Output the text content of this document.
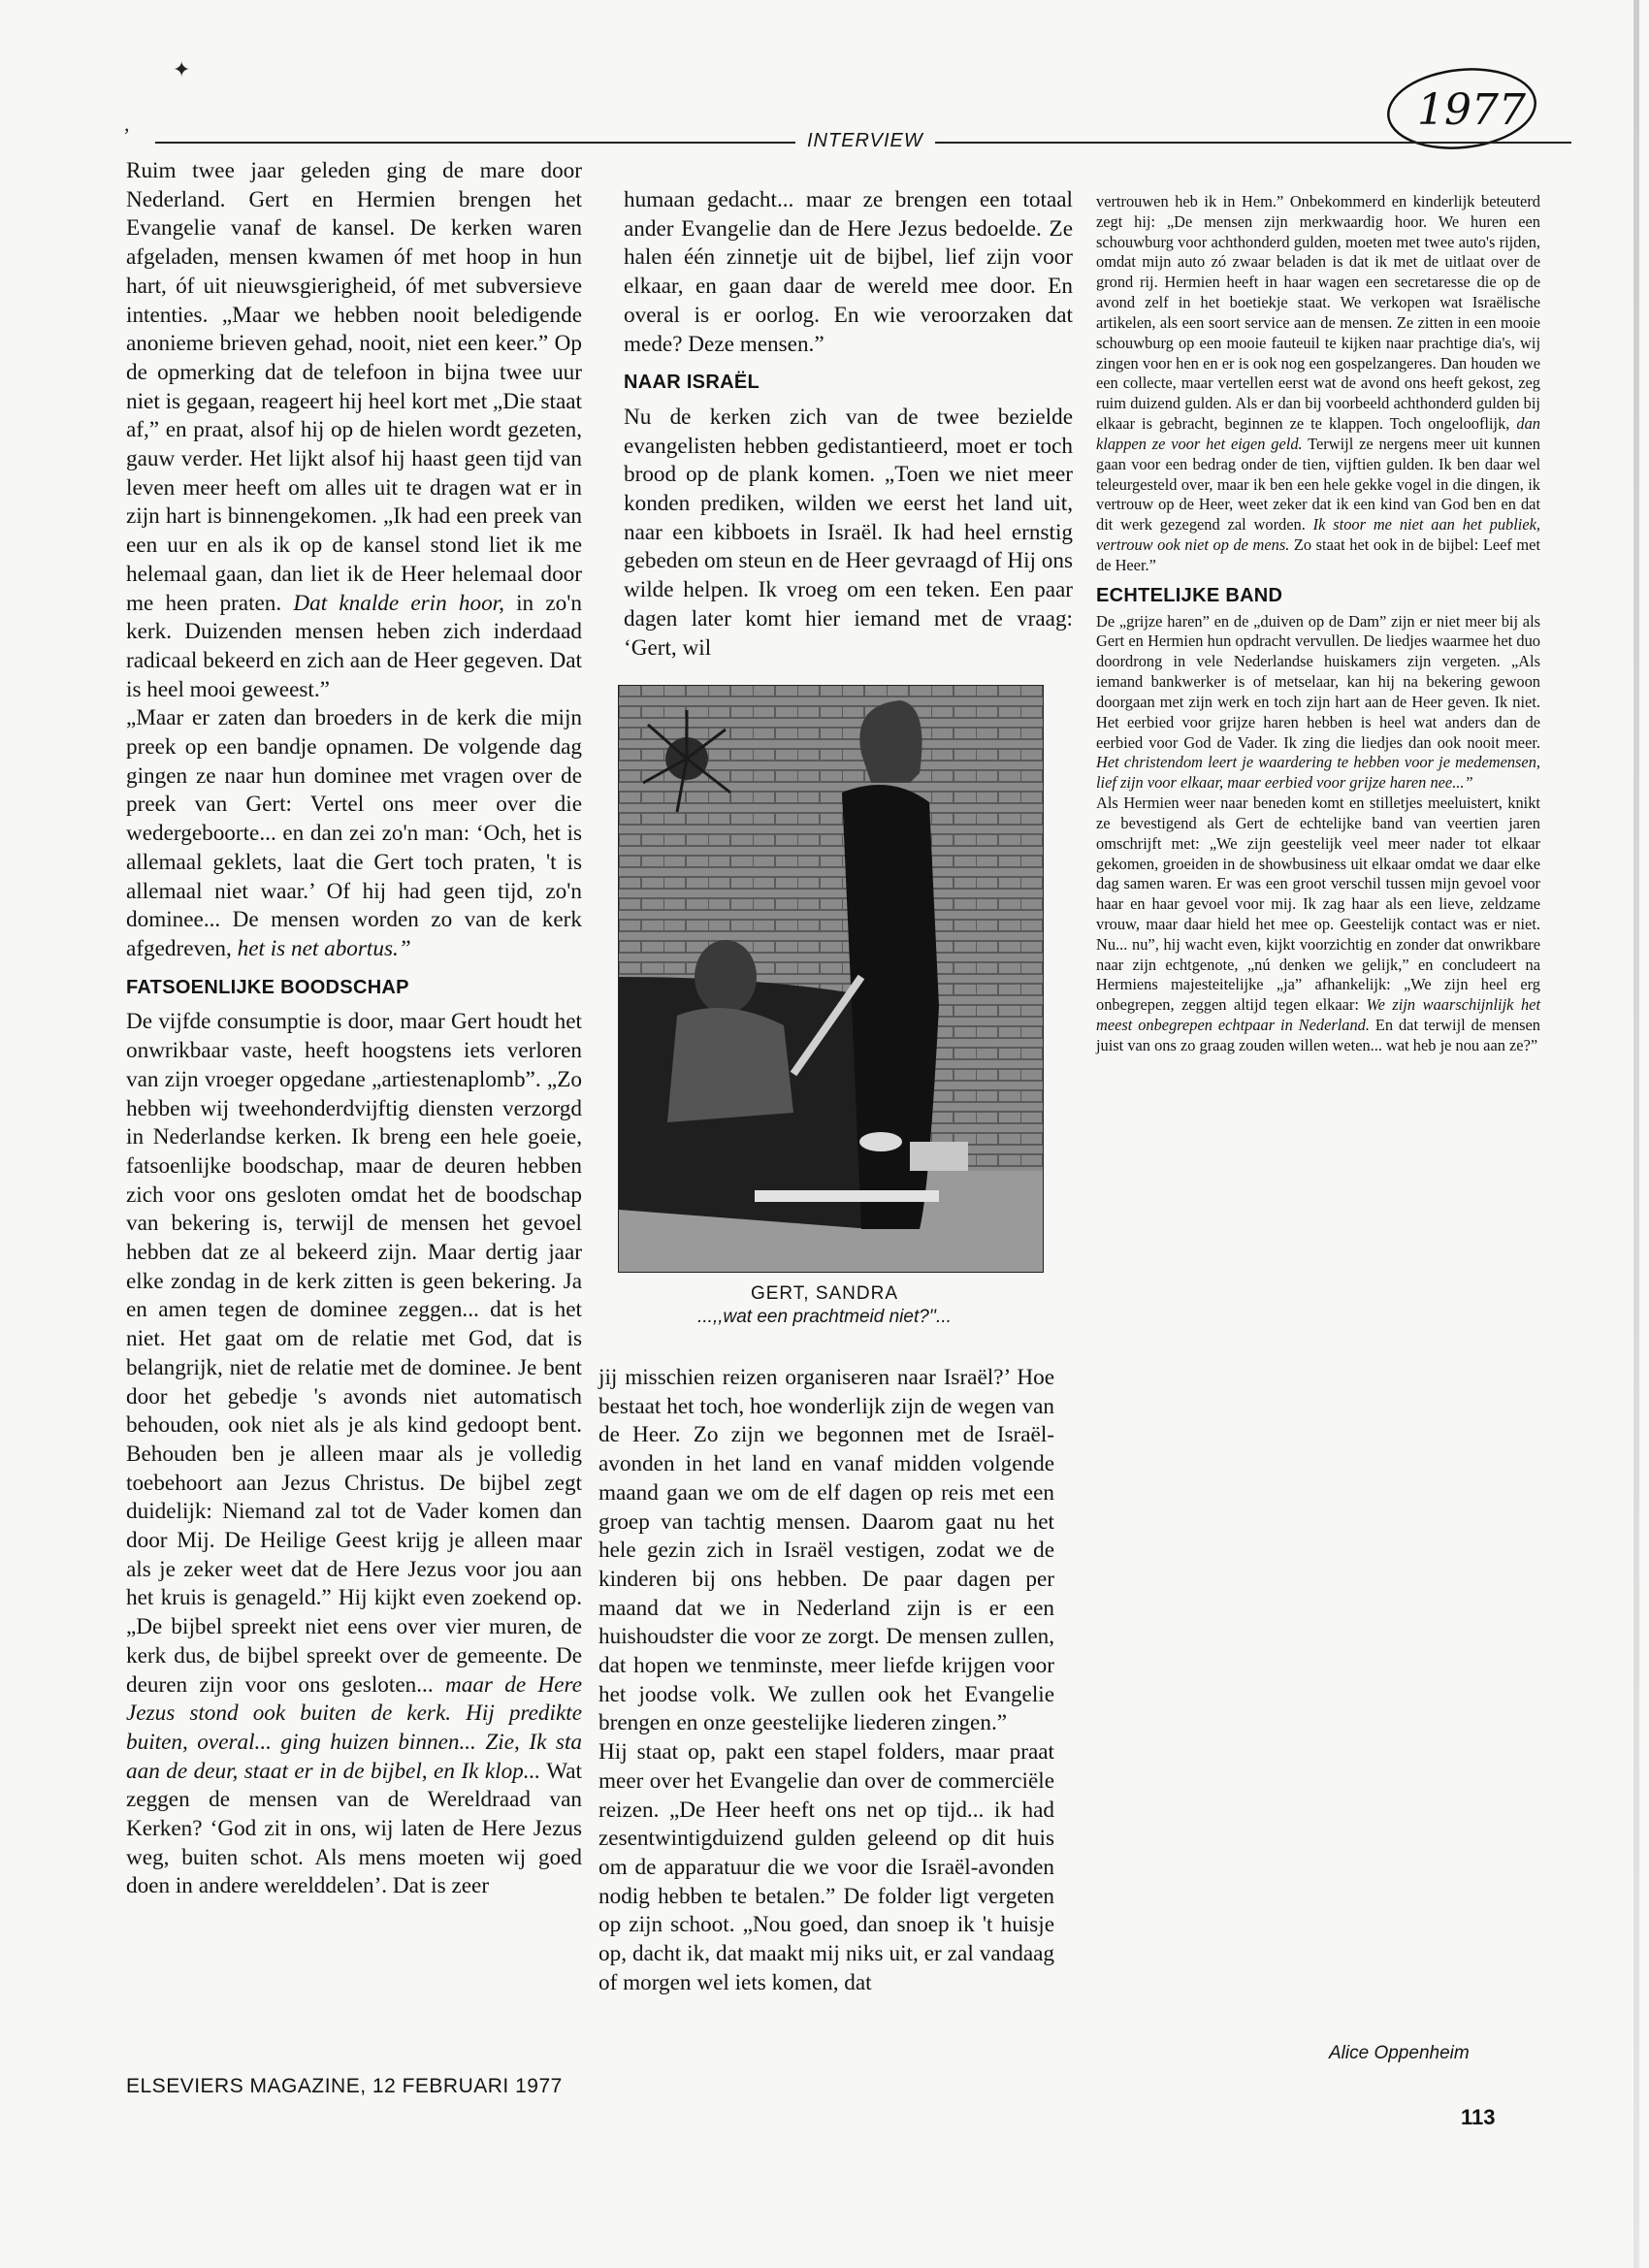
✦
,	1977
INTERVIEW

Ruim twee jaar geleden ging de mare door Nederland. Gert en Hermien brengen het Evangelie vanaf de kansel. De kerken waren afgeladen, mensen kwamen óf met hoop in hun hart, óf uit nieuwsgierigheid, óf met subversieve intenties. „Maar we hebben nooit beledigende anonieme brieven gehad, nooit, niet een keer.” Op de opmerking dat de telefoon in bijna twee uur niet is gegaan, reageert hij heel kort met „Die staat af,” en praat, alsof hij op de hielen wordt gezeten, gauw verder. Het lijkt alsof hij haast geen tijd van leven meer heeft om alles uit te dragen wat er in zijn hart is binnengekomen. „Ik had een preek van een uur en als ik op de kansel stond liet ik me helemaal gaan, dan liet ik de Heer helemaal door me heen praten. Dat knalde erin hoor, in zo'n kerk. Duizenden mensen heben zich inderdaad radicaal bekeerd en zich aan de Heer gegeven. Dat is heel mooi geweest.”

„Maar er zaten dan broeders in de kerk die mijn preek op een bandje opnamen. De volgende dag gingen ze naar hun dominee met vragen over de preek van Gert: Vertel ons meer over die wedergeboorte... en dan zei zo'n man: ‘Och, het is allemaal geklets, laat die Gert toch praten, 't is allemaal niet waar.’ Of hij had geen tijd, zo'n dominee... De mensen worden zo van de kerk afgedreven, het is net abortus.”

FATSOENLIJKE BOODSCHAP

De vijfde consumptie is door, maar Gert houdt het onwrikbaar vaste, heeft hoogstens iets verloren van zijn vroeger opgedane „artiestenaplomb”. „Zo hebben wij tweehonderdvijftig diensten verzorgd in Nederlandse kerken. Ik breng een hele goeie, fatsoenlijke boodschap, maar de deuren hebben zich voor ons gesloten omdat het de boodschap van bekering is, terwijl de mensen het gevoel hebben dat ze al bekeerd zijn. Maar dertig jaar elke zondag in de kerk zitten is geen bekering. Ja en amen tegen de dominee zeggen... dat is het niet. Het gaat om de relatie met God, dat is belangrijk, niet de relatie met de dominee. Je bent door het gebedje 's avonds niet automatisch behouden, ook niet als je als kind gedoopt bent. Behouden ben je alleen maar als je volledig toebehoort aan Jezus Christus. De bijbel zegt duidelijk: Niemand zal tot de Vader komen dan door Mij. De Heilige Geest krijg je alleen maar als je zeker weet dat de Here Jezus voor jou aan het kruis is genageld.” Hij kijkt even zoekend op. „De bijbel spreekt niet eens over vier muren, de kerk dus, de bijbel spreekt over de gemeente. De deuren zijn voor ons gesloten... maar de Here Jezus stond ook buiten de kerk. Hij predikte buiten, overal... ging huizen binnen... Zie, Ik sta aan de deur, staat er in de bijbel, en Ik klop... Wat zeggen de mensen van de Wereldraad van Kerken? ‘God zit in ons, wij laten de Here Jezus weg, buiten schot. Als mens moeten wij goed doen in andere werelddelen’. Dat is zeer

humaan gedacht... maar ze brengen een totaal ander Evangelie dan de Here Jezus bedoelde. Ze halen één zinnetje uit de bijbel, lief zijn voor elkaar, en gaan daar de wereld mee door. En overal is er oorlog. En wie veroorzaken dat mede? Deze mensen.”

NAAR ISRAËL

Nu de kerken zich van de twee bezielde evangelisten hebben gedistantieerd, moet er toch brood op de plank komen. „Toen we niet meer konden prediken, wilden we eerst het land uit, naar een kibboets in Israël. Ik had heel ernstig gebeden om steun en de Heer gevraagd of Hij ons wilde helpen. Ik vroeg om een teken. Een paar dagen later komt hier iemand met de vraag: ‘Gert, wil

GERT, SANDRA
...,,wat een prachtmeid niet?''...

jij misschien reizen organiseren naar Israël?’ Hoe bestaat het toch, hoe wonderlijk zijn de wegen van de Heer. Zo zijn we begonnen met de Israël-avonden in het land en vanaf midden volgende maand gaan we om de elf dagen op reis met een groep van tachtig mensen. Daarom gaat nu het hele gezin zich in Israël vestigen, zodat we de kinderen bij ons hebben. De paar dagen per maand dat we in Nederland zijn is er een huishoudster die voor ze zorgt. De mensen zullen, dat hopen we tenminste, meer liefde krijgen voor het joodse volk. We zullen ook het Evangelie brengen en onze geestelijke liederen zingen.”

Hij staat op, pakt een stapel folders, maar praat meer over het Evangelie dan over de commerciële reizen. „De Heer heeft ons net op tijd... ik had zesentwintigduizend gulden geleend op dit huis om de apparatuur die we voor die Israël-avonden nodig hebben te betalen.” De folder ligt vergeten op zijn schoot. „Nou goed, dan snoep ik 't huisje op, dacht ik, dat maakt mij niks uit, er zal vandaag of morgen wel iets komen, dat

vertrouwen heb ik in Hem.” Onbekommerd en kinderlijk beteuterd zegt hij: „De mensen zijn merkwaardig hoor. We huren een schouwburg voor achthonderd gulden, moeten met twee auto's rijden, omdat mijn auto zó zwaar beladen is dat ik met de uitlaat over de grond rij. Hermien heeft in haar wagen een secretaresse die op de avond zelf in het boetiekje staat. We verkopen wat Israëlische artikelen, als een soort service aan de mensen. Ze zitten in een mooie schouwburg op een mooie fauteuil te kijken naar prachtige dia's, wij zingen voor hen en er is ook nog een gospelzangeres. Dan houden we een collecte, maar vertellen eerst wat de avond ons heeft gekost, zeg ruim duizend gulden. Als er dan bij voorbeeld achthonderd gulden bij elkaar is gebracht, beginnen ze te klappen. Toch ongelooflijk, dan klappen ze voor het eigen geld. Terwijl ze nergens meer uit kunnen gaan voor een bedrag onder de tien, vijftien gulden. Ik ben daar wel teleurgesteld over, maar ik ben een hele gekke vogel in die dingen, ik vertrouw op de Heer, weet zeker dat ik een kind van God ben en dat dit werk gezegend zal worden. Ik stoor me niet aan het publiek, vertrouw ook niet op de mens. Zo staat het ook in de bijbel: Leef met de Heer.”

ECHTELIJKE BAND

De „grijze haren” en de „duiven op de Dam” zijn er niet meer bij als Gert en Hermien hun opdracht vervullen. De liedjes waarmee het duo doordrong in vele Nederlandse huiskamers zijn vergeten. „Als iemand bankwerker is of metselaar, kan hij na bekering gewoon doorgaan met zijn werk en toch zijn hart aan de Heer geven. Ik niet. Het eerbied voor grijze haren hebben is heel wat anders dan de eerbied voor God de Vader. Ik zing die liedjes dan ook nooit meer. Het christendom leert je waardering te hebben voor je medemensen, lief zijn voor elkaar, maar eerbied voor grijze haren nee...”

Als Hermien weer naar beneden komt en stilletjes meeluistert, knikt ze bevestigend als Gert de echtelijke band van veertien jaren omschrijft met: „We zijn geestelijk veel meer nader tot elkaar gekomen, groeiden in de showbusiness uit elkaar omdat we daar elke dag samen waren. Er was een groot verschil tussen mijn gevoel voor haar en haar gevoel voor mij. Ik zag haar als een lieve, zeldzame vrouw, maar daar hield het mee op. Geestelijk contact was er niet. Nu... nu”, hij wacht even, kijkt voorzichtig en zonder dat onwrikbare naar zijn echtgenote, „nú denken we gelijk,” en concludeert na Hermiens majesteitelijke „ja” afhankelijk: „We zijn heel erg onbegrepen, zeggen altijd tegen elkaar: We zijn waarschijnlijk het meest onbegrepen echtpaar in Nederland. En dat terwijl de mensen juist van ons zo graag zouden willen weten... wat heb je nou aan ze?”

Alice Oppenheim
ELSEVIERS MAGAZINE, 12 FEBRUARI 1977
113
